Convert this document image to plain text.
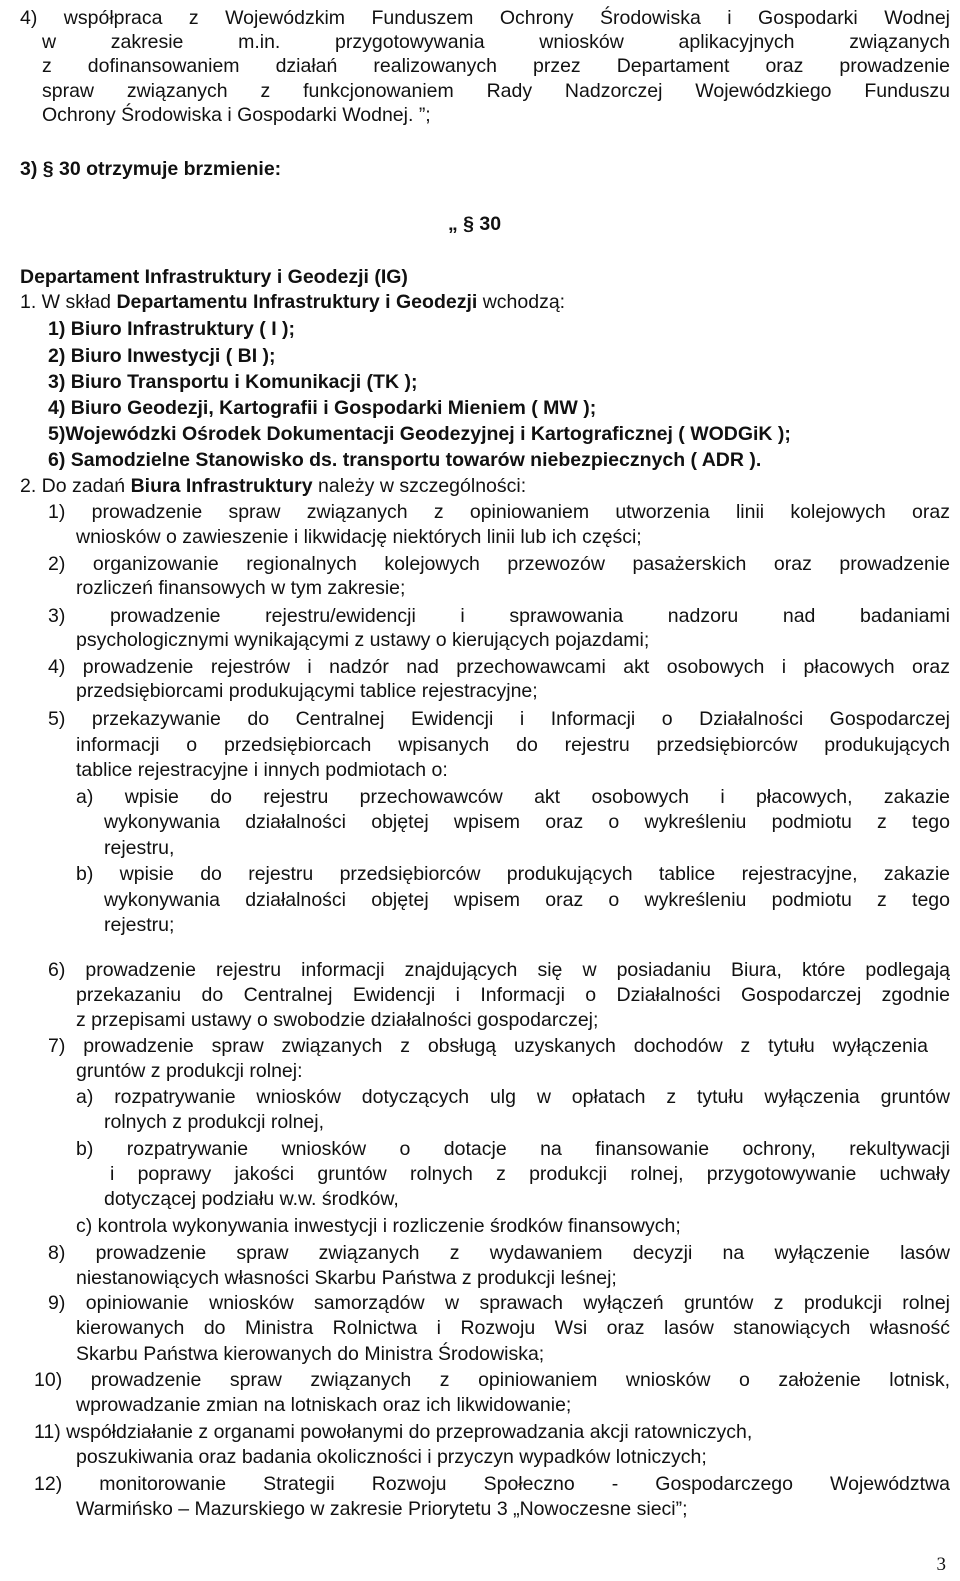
4) współpraca z Wojewódzkim Funduszem Ochrony Środowiska i Gospodarki Wodnej
w zakresie m.in. przygotowywania wniosków aplikacyjnych związanych
z dofinansowaniem działań realizowanych przez Departament oraz prowadzenie
spraw związanych z funkcjonowaniem Rady Nadzorczej Wojewódzkiego Funduszu
Ochrony Środowiska i Gospodarki Wodnej. ”;
3) § 30 otrzymuje brzmienie:
„ § 30
Departament Infrastruktury i Geodezji (IG)
1. W skład Departamentu Infrastruktury i Geodezji wchodzą:
1) Biuro Infrastruktury ( I );
2) Biuro Inwestycji ( BI );
3) Biuro Transportu i Komunikacji (TK );
4) Biuro Geodezji, Kartografii i Gospodarki Mieniem ( MW );
5)Wojewódzki Ośrodek Dokumentacji Geodezyjnej i Kartograficznej ( WODGiK );
6) Samodzielne Stanowisko ds. transportu towarów niebezpiecznych ( ADR ).
2. Do zadań Biura Infrastruktury należy w szczególności:
1) prowadzenie spraw związanych z opiniowaniem utworzenia linii kolejowych oraz
wniosków o zawieszenie i likwidację niektórych linii lub ich części;
2) organizowanie regionalnych kolejowych przewozów pasażerskich oraz prowadzenie
rozliczeń finansowych w tym zakresie;
3) prowadzenie rejestru/ewidencji i sprawowania nadzoru nad badaniami
psychologicznymi wynikającymi z ustawy o kierujących pojazdami;
4) prowadzenie rejestrów i nadzór nad przechowawcami akt osobowych i płacowych oraz
przedsiębiorcami produkującymi tablice rejestracyjne;
5) przekazywanie do Centralnej Ewidencji i Informacji o Działalności Gospodarczej
informacji o przedsiębiorcach wpisanych do rejestru przedsiębiorców produkujących
tablice rejestracyjne i innych podmiotach o:
a) wpisie do rejestru przechowawców akt osobowych i płacowych, zakazie
wykonywania działalności objętej wpisem oraz o wykreśleniu podmiotu z tego
rejestru,
b) wpisie do rejestru przedsiębiorców produkujących tablice rejestracyjne, zakazie
wykonywania działalności objętej wpisem oraz o wykreśleniu podmiotu z tego
rejestru;
6) prowadzenie rejestru informacji znajdujących się w posiadaniu Biura, które podlegają
przekazaniu do Centralnej Ewidencji i Informacji o Działalności Gospodarczej zgodnie
z przepisami ustawy o swobodzie działalności gospodarczej;
7) prowadzenie spraw związanych z obsługą uzyskanych dochodów z tytułu wyłączenia
gruntów z produkcji rolnej:
a) rozpatrywanie wniosków dotyczących ulg w opłatach z tytułu wyłączenia gruntów
rolnych z produkcji rolnej,
b) rozpatrywanie wniosków o dotacje na finansowanie ochrony, rekultywacji
i poprawy jakości gruntów rolnych z produkcji rolnej, przygotowywanie uchwały
dotyczącej podziału w.w. środków,
c) kontrola wykonywania inwestycji i rozliczenie środków finansowych;
8) prowadzenie spraw związanych z wydawaniem decyzji na wyłączenie lasów
niestanowiących własności Skarbu Państwa z produkcji leśnej;
9) opiniowanie wniosków samorządów w sprawach wyłączeń gruntów z produkcji rolnej
kierowanych do Ministra Rolnictwa i Rozwoju Wsi oraz lasów stanowiących własność
Skarbu Państwa kierowanych do Ministra Środowiska;
10) prowadzenie spraw związanych z opiniowaniem wniosków o założenie lotnisk,
wprowadzanie zmian na lotniskach oraz ich likwidowanie;
11) współdziałanie z organami powołanymi do przeprowadzania akcji ratowniczych,
poszukiwania oraz badania okoliczności i przyczyn wypadków lotniczych;
12) monitorowanie Strategii Rozwoju Społeczno - Gospodarczego Województwa
Warmińsko – Mazurskiego w zakresie Priorytetu 3 „Nowoczesne sieci”;
3
